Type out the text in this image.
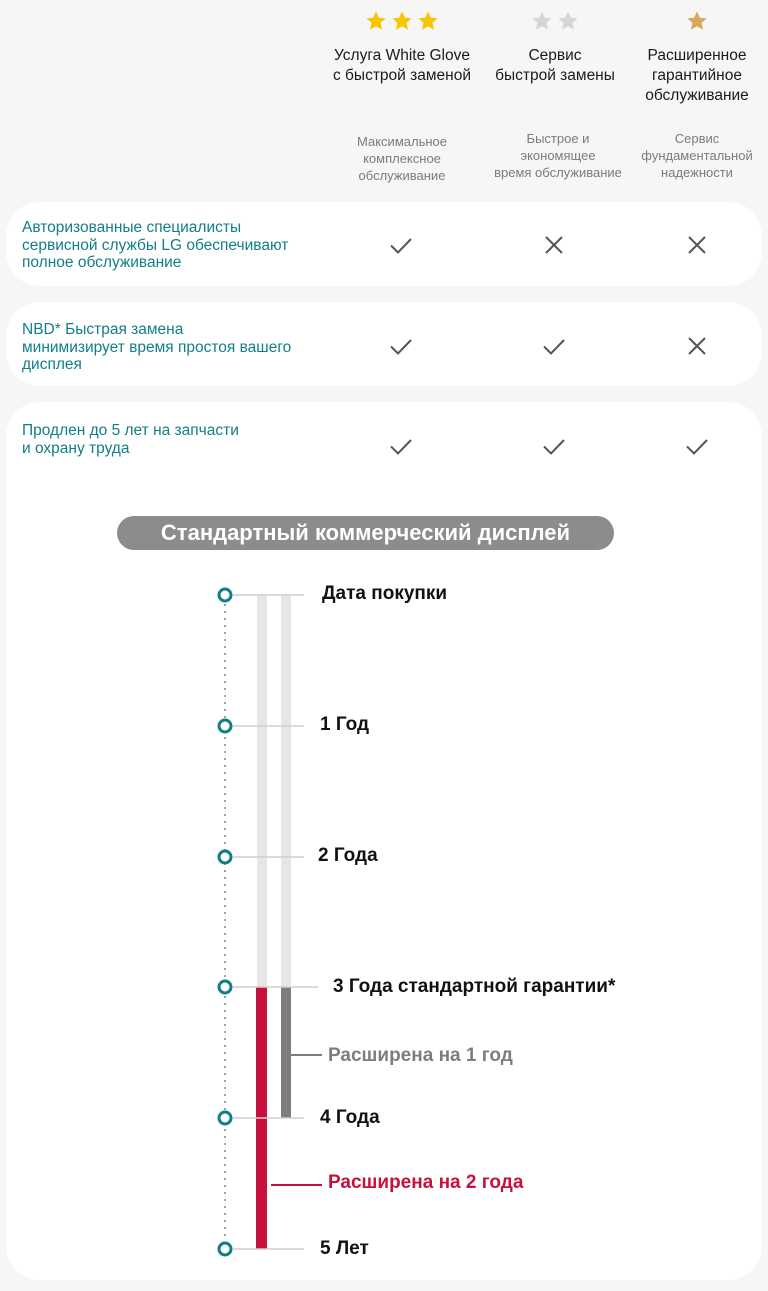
Услуга White Glove
с быстрой заменой
Сервис
быстрой замены
Расширенное
гарантийное
обслуживание
Максимальное
комплексное
обслуживание
Быстрое и
экономящее
время обслуживание
Сервис
фундаментальной
надежности
Авторизованные специалисты
сервисной службы LG обеспечивают
полное обслуживание
NBD* Быстрая замена
минимизирует время простоя вашего
дисплея
Продлен до 5 лет на запчасти
и охрану труда
Стандартный коммерческий дисплей
Дата покупки
1 Год
2 Года
3 Года стандартной гарантии*
Расширена на 1 год
4 Года
Расширена на 2 года
5 Лет
